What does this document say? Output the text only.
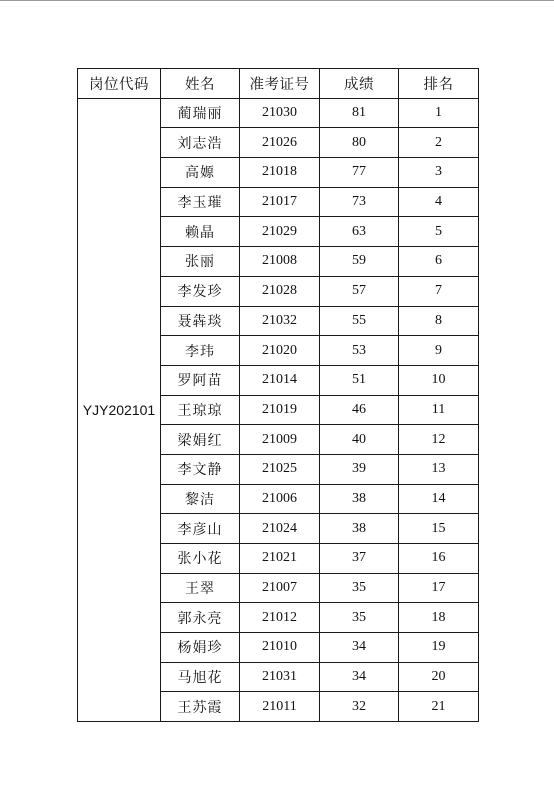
岗位代码	姓名	准考证号	成绩	排名
YJY202101	蔺瑞丽	21030	81	1
	刘志浩	21026	80	2
	高嫄	21018	77	3
	李玉璀	21017	73	4
	赖晶	21029	63	5
	张丽	21008	59	6
	李发珍	21028	57	7
	聂犇琰	21032	55	8
	李玮	21020	53	9
	罗阿苗	21014	51	10
	王琼琼	21019	46	11
	梁娟红	21009	40	12
	李文静	21025	39	13
	黎洁	21006	38	14
	李彦山	21024	38	15
	张小花	21021	37	16
	王翠	21007	35	17
	郭永亮	21012	35	18
	杨娟珍	21010	34	19
	马旭花	21031	34	20
	王苏霞	21011	32	21
